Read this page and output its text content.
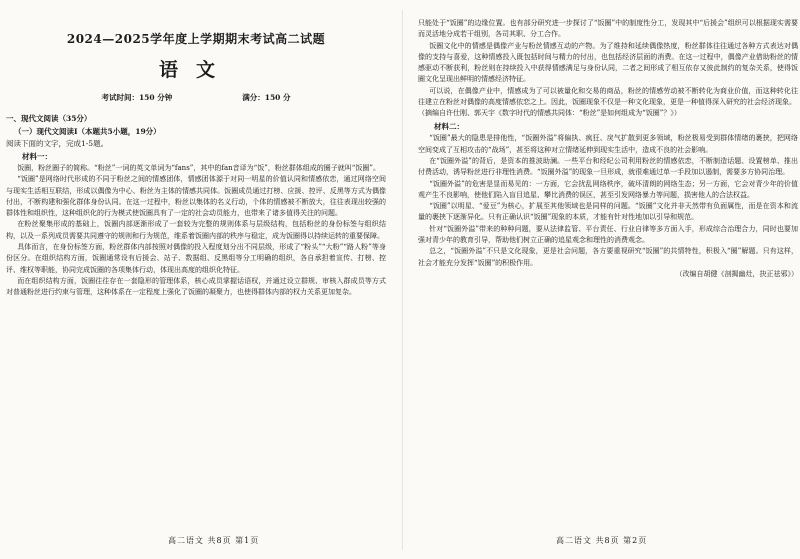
2024—2025学年度上学期期末考试高二试题
语文
考试时间：150 分钟	满分：150 分
一、现代文阅读（35分）
（一）现代文阅读Ⅰ（本题共5小题，19分）
阅读下面的文字，完成1-5题。
材料一：

饭圈，粉丝圈子的简称。“粉丝”一词的英文单词为“fans”，其中的fan音译为“饭”，粉丝群体组成的圈子就叫“饭圈”。

“饭圈”是网络时代形成的不同于粉丝之间的情感团体，情感团体源于对同一明星的价值认同和情感依恋，通过网络空间与现实生活相互联结，形成以偶像为中心、粉丝为主体的情感共同体。饭圈成员通过打榜、应援、控评、反黑等方式为偶像付出，不断构建和强化群体身份认同。在这一过程中，粉丝以集体的名义行动，个体的情感被不断放大，往往表现出较强的群体性和组织性，这种组织化的行为模式使饭圈具有了一定的社会动员能力，也带来了诸多值得关注的问题。

在粉丝聚集形成的基础上，饭圈内部逐渐形成了一套较为完整的规则体系与层级结构，包括粉丝的身份标签与组织结构，以及一系列成员需要共同遵守的规则和行为规范，维系着饭圈内部的秩序与稳定，成为饭圈得以持续运转的重要保障。

具体而言，在身份标签方面，粉丝群体内部按照对偶像的投入程度划分出不同层级，形成了“粉头”“大粉”“路人粉”等身份区分。在组织结构方面，饭圈通常设有后援会、站子、数据组、反黑组等分工明确的组织，各自承担着宣传、打榜、控评、维权等职能，协同完成饭圈的各项集体行动，体现出高度的组织化特征。

而在组织结构方面，饭圈往往存在一套隐形的管理体系，核心成员掌握话语权，并通过设立群规、审核入群成员等方式对普通粉丝进行约束与管理，这种体系在一定程度上强化了饭圈的凝聚力，也使得群体内部的权力关系更加复杂。

只能处于“饭圈”的边缘位置。也有部分研究进一步探讨了“饭圈”中的制度性分工，发现其中“后援会”组织可以根据现实需要而灵活地分成若干组别，各司其职、分工合作。

饭圈文化中的情感是偶像产业与粉丝情感互动的产物。为了维持和延续偶像热度，粉丝群体往往通过各种方式表达对偶像的支持与喜爱，这种情感投入既包括时间与精力的付出，也包括经济层面的消费。在这一过程中，偶像产业借助粉丝的情感驱动不断获利，粉丝则在持续投入中获得情感满足与身份认同，二者之间形成了相互依存又彼此制约的复杂关系，使得饭圈文化呈现出鲜明的情感经济特征。

可以说，在偶像产业中，情感成为了可以被量化和交易的商品，粉丝的情感劳动被不断转化为商业价值，而这种转化往往建立在粉丝对偶像的高度情感依恋之上。因此，饭圈现象不仅是一种文化现象，更是一种值得深入研究的社会经济现象。

（摘编自许仕刚、郭天宇《数字时代的情感共同体：“粉丝”是如何组成为“饭圈”？》）

材料二：

“饭圈”最大的隐患是排他性，“饭圈外溢”将偏执、疯狂、戾气扩散到更多领域，粉丝极易受到群体情绪的裹挟，把网络空间变成了互相攻击的“战场”，甚至将这种对立情绪延伸到现实生活中，造成不良的社会影响。

在“饭圈外溢”的背后，是资本的推波助澜。一些平台和经纪公司利用粉丝的情感依恋，不断制造话题、设置榜单、推出付费活动，诱导粉丝进行非理性消费。“饭圈外溢”的现象一旦形成，就很难通过单一手段加以遏制，需要多方协同治理。

“饭圈外溢”的危害是显而易见的：一方面，它会扰乱网络秩序，破坏清朗的网络生态；另一方面，它会对青少年的价值观产生不良影响，使他们陷入盲目追星、攀比消费的误区，甚至引发网络暴力等问题，损害他人的合法权益。

“饭圈”以明星、“爱豆”为核心，扩展至其他领域也是同样的问题。“饭圈”文化并非天然带有负面属性，而是在资本和流量的裹挟下逐渐异化。只有正确认识“饭圈”现象的本质，才能有针对性地加以引导和规范。

针对“饭圈外溢”带来的种种问题，要从法律监管、平台责任、行业自律等多方面入手，形成综合治理合力，同时也要加强对青少年的教育引导，帮助他们树立正确的追星观念和理性的消费观念。

总之，“饭圈外溢”不只是文化现象，更是社会问题，各方要重视研究“饭圈”的共情特性，积极入“圈”解题。只有这样，社会才能充分发挥“饭圈”的积极作用。

（改编自胡健《剖揭幽灶，抉正祛邪》）

高二语文 共8页 第1页	高二语文 共8页 第2页
